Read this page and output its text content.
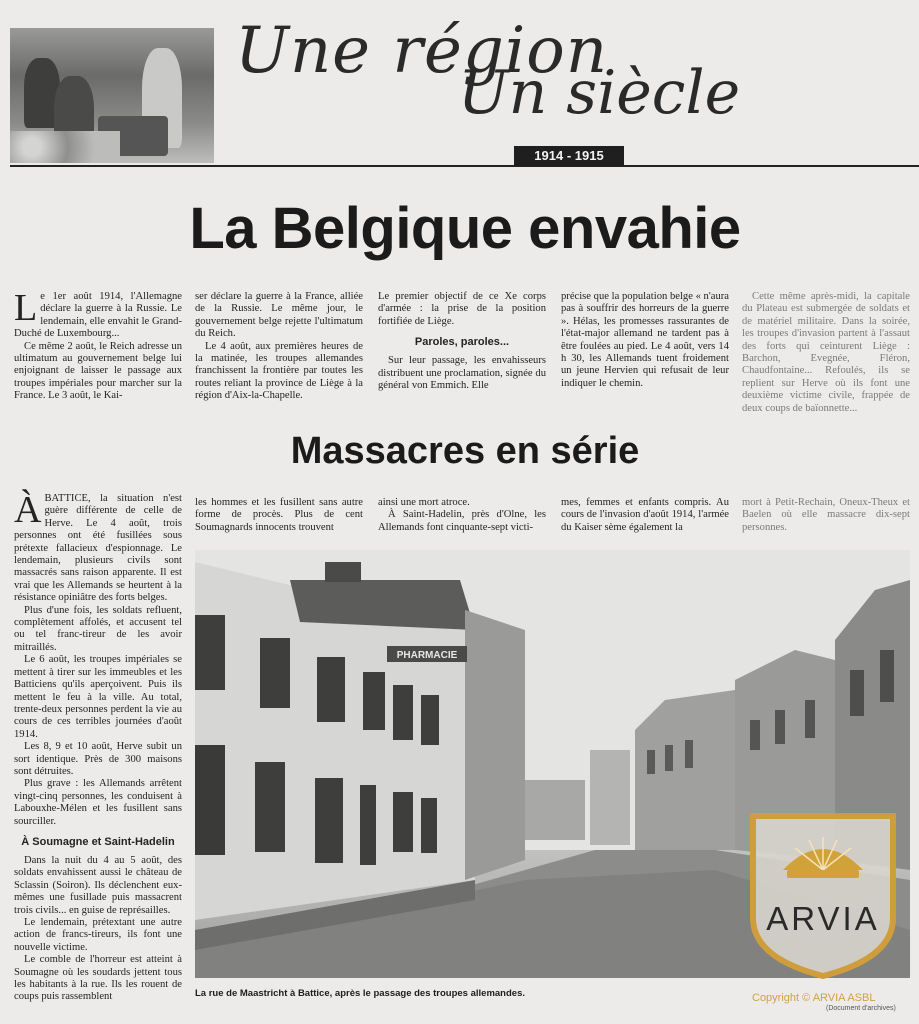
Une région
Un siècle
1914 - 1915
La Belgique envahie

Le 1er août 1914, l'Allemagne déclare la guerre à la Russie. Le lendemain, elle envahit le Grand-Duché de Luxembourg...

Ce même 2 août, le Reich adresse un ultimatum au gouvernement belge lui enjoignant de laisser le passage aux troupes impériales pour marcher sur la France. Le 3 août, le Kai-

ser déclare la guerre à la France, alliée de la Russie. Le même jour, le gouvernement belge rejette l'ultimatum du Reich.

Le 4 août, aux premières heures de la matinée, les troupes allemandes franchissent la frontière par toutes les routes reliant la province de Liège à la région d'Aix-la-Chapelle.

Le premier objectif de ce Xe corps d'armée : la prise de la position fortifiée de Liège.

Paroles, paroles...

Sur leur passage, les envahisseurs distribuent une proclamation, signée du général von Emmich. Elle

précise que la population belge « n'aura pas à souffrir des horreurs de la guerre ». Hélas, les promesses rassurantes de l'état-major allemand ne tardent pas à être foulées au pied. Le 4 août, vers 14 h 30, les Allemands tuent froidement un jeune Hervien qui refusait de leur indiquer le chemin.

Cette même après-midi, la capitale du Plateau est submergée de soldats et de matériel militaire. Dans la soirée, les troupes d'invasion partent à l'assaut des forts qui ceinturent Liège : Barchon, Evegnée, Fléron, Chaudfontaine... Refoulés, ils se replient sur Herve où ils font une deuxième victime civile, frappée de deux coups de baïonnette...

Massacres en série

ÀBATTICE, la situation n'est guère différente de celle de Herve. Le 4 août, trois personnes ont été fusillées sous prétexte fallacieux d'espionnage. Le lendemain, plusieurs civils sont massacrés sans raison apparente. Il est vrai que les Allemands se heurtent à la résistance opiniâtre des forts belges.

Plus d'une fois, les soldats refluent, complètement affolés, et accusent tel ou tel franc-tireur de les avoir mitraillés.

Le 6 août, les troupes impériales se mettent à tirer sur les immeubles et les Batticiens qu'ils aperçoivent. Puis ils mettent le feu à la ville. Au total, trente-deux personnes perdent la vie au cours de ces terribles journées d'août 1914.

Les 8, 9 et 10 août, Herve subit un sort identique. Près de 300 maisons sont détruites.

Plus grave : les Allemands arrêtent vingt-cinq personnes, les conduisent à Labouxhe-Mélen et les fusillent sans sourciller.

À Soumagne et Saint-Hadelin

Dans la nuit du 4 au 5 août, des soldats envahissent aussi le château de Sclassin (Soiron). Ils déclenchent eux-mêmes une fusillade puis massacrent trois civils... en guise de représailles.

Le lendemain, prétextant une autre action de francs-tireurs, ils font une nouvelle victime.

Le comble de l'horreur est atteint à Soumagne où les soudards jettent tous les habitants à la rue. Ils les rouent de coups puis rassemblent

les hommes et les fusillent sans autre forme de procès. Plus de cent Soumagnards innocents trouvent

ainsi une mort atroce.

À Saint-Hadelin, près d'Olne, les Allemands font cinquante-sept victi-

mes, femmes et enfants compris. Au cours de l'invasion d'août 1914, l'armée du Kaiser sème également la

mort à Petit-Rechain, Oneux-Theux et Baelen où elle massacre dix-sept personnes.

PHARMACIE
La rue de Maastricht à Battice, après le passage des troupes allemandes.
ARVIA
Copyright © ARVIA ASBL
(Document d'archives)
